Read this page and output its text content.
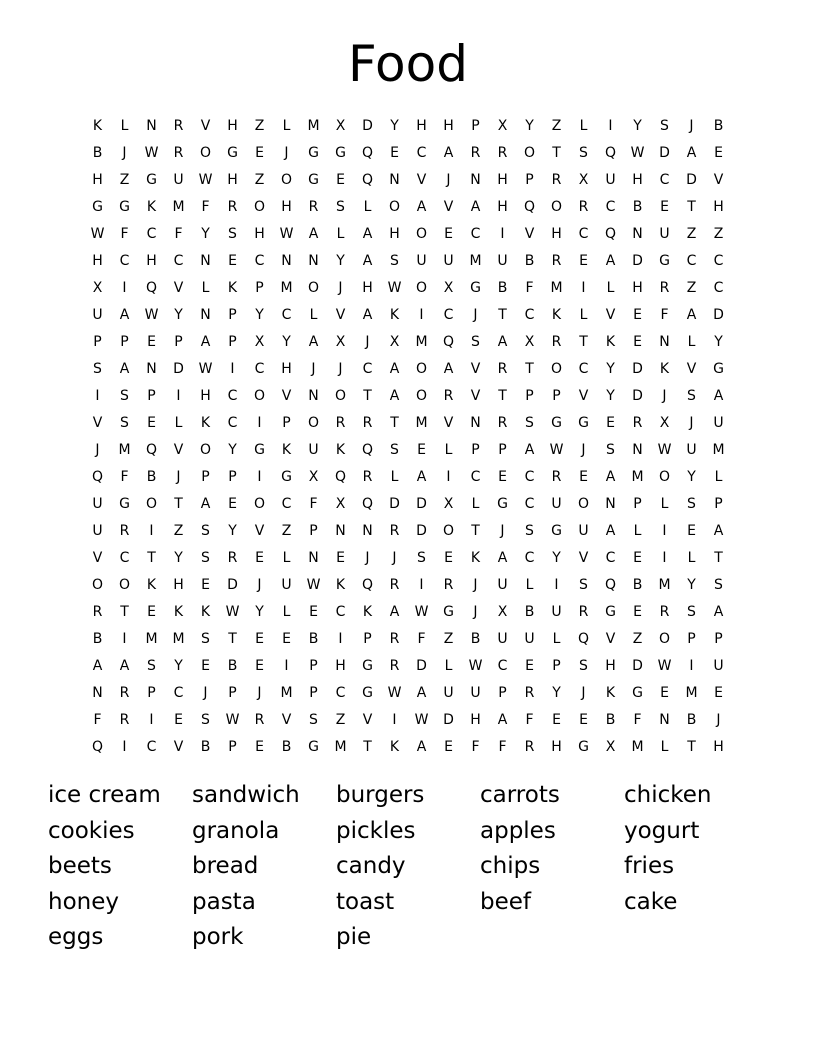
Food
K	L	N	R	V	H	Z	L	M	X	D	Y	H	H	P	X	Y	Z	L	I	Y	S	J	B
B	J	W	R	O	G	E	J	G	G	Q	E	C	A	R	R	O	T	S	Q	W	D	A	E
H	Z	G	U	W	H	Z	O	G	E	Q	N	V	J	N	H	P	R	X	U	H	C	D	V
G	G	K	M	F	R	O	H	R	S	L	O	A	V	A	H	Q	O	R	C	B	E	T	H
W	F	C	F	Y	S	H	W	A	L	A	H	O	E	C	I	V	H	C	Q	N	U	Z	Z
H	C	H	C	N	E	C	N	N	Y	A	S	U	U	M	U	B	R	E	A	D	G	C	C
X	I	Q	V	L	K	P	M	O	J	H	W	O	X	G	B	F	M	I	L	H	R	Z	C
U	A	W	Y	N	P	Y	C	L	V	A	K	I	C	J	T	C	K	L	V	E	F	A	D
P	P	E	P	A	P	X	Y	A	X	J	X	M	Q	S	A	X	R	T	K	E	N	L	Y
S	A	N	D	W	I	C	H	J	J	C	A	O	A	V	R	T	O	C	Y	D	K	V	G
I	S	P	I	H	C	O	V	N	O	T	A	O	R	V	T	P	P	V	Y	D	J	S	A
V	S	E	L	K	C	I	P	O	R	R	T	M	V	N	R	S	G	G	E	R	X	J	U
J	M	Q	V	O	Y	G	K	U	K	Q	S	E	L	P	P	A	W	J	S	N	W	U	M
Q	F	B	J	P	P	I	G	X	Q	R	L	A	I	C	E	C	R	E	A	M	O	Y	L
U	G	O	T	A	E	O	C	F	X	Q	D	D	X	L	G	C	U	O	N	P	L	S	P
U	R	I	Z	S	Y	V	Z	P	N	N	R	D	O	T	J	S	G	U	A	L	I	E	A
V	C	T	Y	S	R	E	L	N	E	J	J	S	E	K	A	C	Y	V	C	E	I	L	T
O	O	K	H	E	D	J	U	W	K	Q	R	I	R	J	U	L	I	S	Q	B	M	Y	S
R	T	E	K	K	W	Y	L	E	C	K	A	W	G	J	X	B	U	R	G	E	R	S	A
B	I	M	M	S	T	E	E	B	I	P	R	F	Z	B	U	U	L	Q	V	Z	O	P	P
A	A	S	Y	E	B	E	I	P	H	G	R	D	L	W	C	E	P	S	H	D	W	I	U
N	R	P	C	J	P	J	M	P	C	G	W	A	U	U	P	R	Y	J	K	G	E	M	E
F	R	I	E	S	W	R	V	S	Z	V	I	W	D	H	A	F	E	E	B	F	N	B	J
Q	I	C	V	B	P	E	B	G	M	T	K	A	E	F	F	R	H	G	X	M	L	T	H
ice cream	sandwich	burgers	carrots	chicken
cookies	granola	pickles	apples	yogurt
beets	bread	candy	chips	fries
honey	pasta	toast	beef	cake
eggs	pork	pie
